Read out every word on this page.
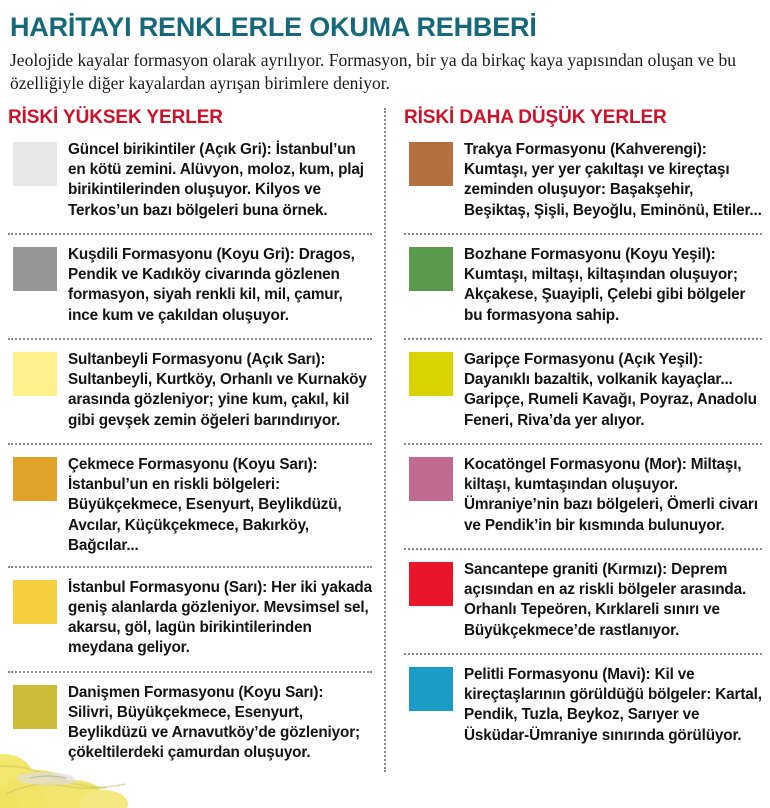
HARİTAYI RENKLERLE OKUMA REHBERİ

Jeolojide kayalar formasyon olarak ayrılıyor. Formasyon, bir ya da birkaç kaya yapısından oluşan ve bu özelliğiyle diğer kayalardan ayrışan birimlere deniyor.

RİSKİ YÜKSEK YERLER
Güncel birikintiler (Açık Gri): İstanbul’un en kötü zemini. Alüvyon, moloz, kum, plaj birikintilerinden oluşuyor. Kilyos ve Terkos’un bazı bölgeleri buna örnek.
Kuşdili Formasyonu (Koyu Gri): Dragos, Pendik ve Kadıköy civarında gözlenen formasyon, siyah renkli kil, mil, çamur, ince kum ve çakıldan oluşuyor.
Sultanbeyli Formasyonu (Açık Sarı): Sultanbeyli, Kurtköy, Orhanlı ve Kurnaköy arasında gözleniyor; yine kum, çakıl, kil gibi gevşek zemin öğeleri barındırıyor.
Çekmece Formasyonu (Koyu Sarı): İstanbul’un en riskli bölgeleri: Büyükçekmece, Esenyurt, Beylikdüzü, Avcılar, Küçükçekmece, Bakırköy, Bağcılar...
İstanbul Formasyonu (Sarı): Her iki yakada geniş alanlarda gözleniyor. Mevsimsel sel, akarsu, göl, lagün birikintilerinden meydana geliyor.
Danişmen Formasyonu (Koyu Sarı): Silivri, Büyükçekmece, Esenyurt, Beylikdüzü ve Arnavutköy’de gözleniyor; çökeltilerdeki çamurdan oluşuyor.
RİSKİ DAHA DÜŞÜK YERLER
Trakya Formasyonu (Kahverengi): Kumtaşı, yer yer çakıltaşı ve kireçtaşı zeminden oluşuyor: Başakşehir, Beşiktaş, Şişli, Beyoğlu, Eminönü, Etiler...
Bozhane Formasyonu (Koyu Yeşil): Kumtaşı, miltaşı, kiltaşından oluşuyor; Akçakese, Şuayipli, Çelebi gibi bölgeler bu formasyona sahip.
Garipçe Formasyonu (Açık Yeşil): Dayanıklı bazaltik, volkanik kayaçlar... Garipçe, Rumeli Kavağı, Poyraz, Anadolu Feneri, Riva’da yer alıyor.
Kocatöngel Formasyonu (Mor): Miltaşı, kiltaşı, kumtaşından oluşuyor. Ümraniye’nin bazı bölgeleri, Ömerli civarı ve Pendik’in bir kısmında bulunuyor.
Sancantepe graniti (Kırmızı): Deprem açısından en az riskli bölgeler arasında. Orhanlı Tepeören, Kırklareli sınırı ve Büyükçekmece’de rastlanıyor.
Pelitli Formasyonu (Mavi): Kil ve kireçtaşlarının görüldüğü bölgeler: Kartal, Pendik, Tuzla, Beykoz, Sarıyer ve Üsküdar-Ümraniye sınırında görülüyor.
